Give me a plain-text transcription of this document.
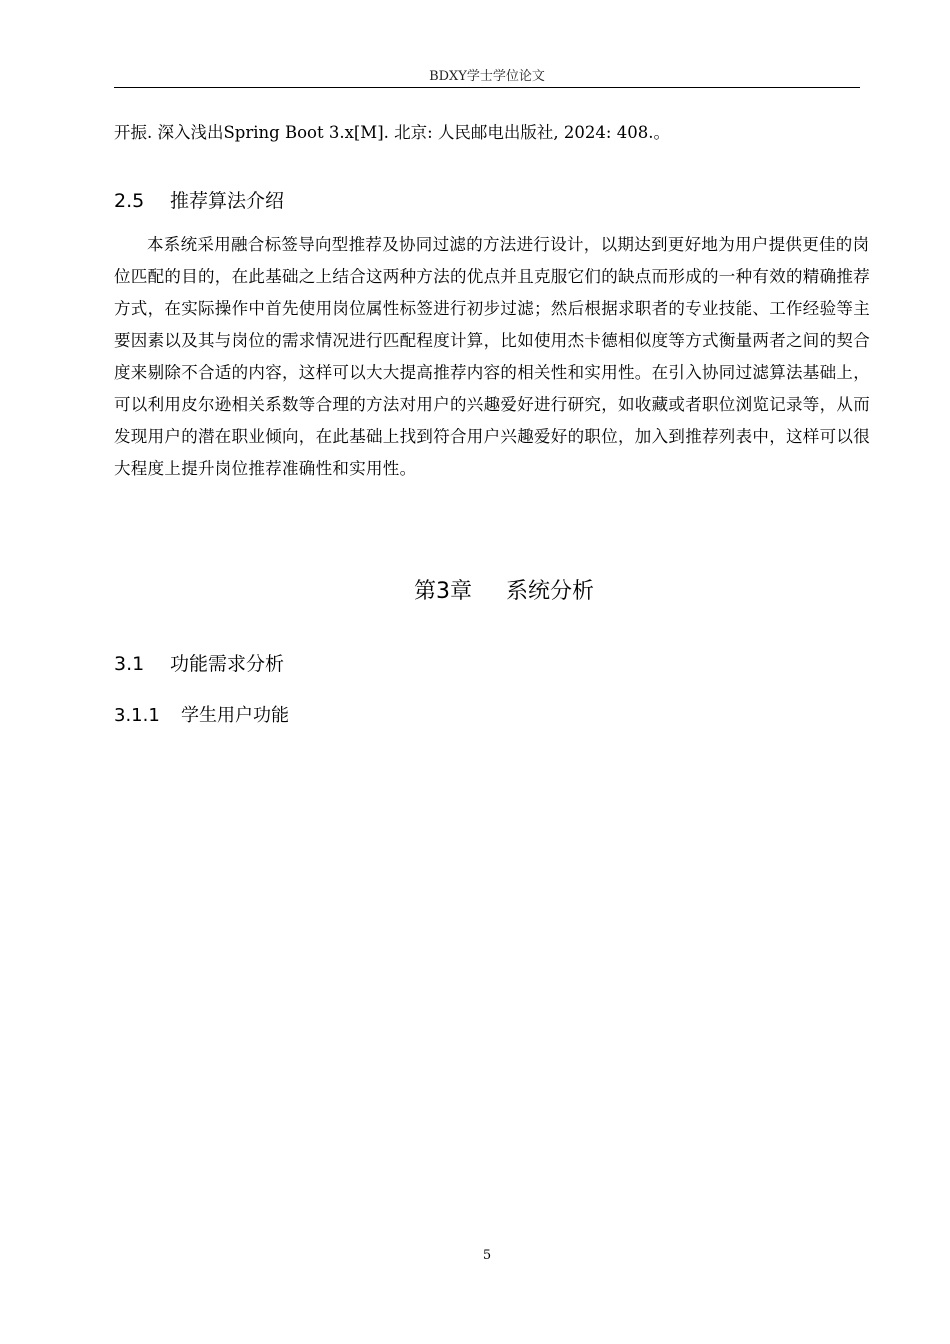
BDXY学士学位论文
开振. 深入浅出Spring Boot 3.x[M]. 北京: 人民邮电出版社, 2024: 408.。
2.5 推荐算法介绍

本系统采用融合标签导向型推荐及协同过滤的方法进行设计，以期达到更好地为用户提供更佳的岗位匹配的目的，在此基础之上结合这两种方法的优点并且克服它们的缺点而形成的一种有效的精确推荐方式，在实际操作中首先使用岗位属性标签进行初步过滤；然后根据求职者的专业技能、工作经验等主要因素以及其与岗位的需求情况进行匹配程度计算，比如使用杰卡德相似度等方式衡量两者之间的契合度来剔除不合适的内容，这样可以大大提高推荐内容的相关性和实用性。在引入协同过滤算法基础上，可以利用皮尔逊相关系数等合理的方法对用户的兴趣爱好进行研究，如收藏或者职位浏览记录等，从而发现用户的潜在职业倾向，在此基础上找到符合用户兴趣爱好的职位，加入到推荐列表中，这样可以很大程度上提升岗位推荐准确性和实用性。

第3章 系统分析
3.1 功能需求分析
3.1.1 学生用户功能
5
